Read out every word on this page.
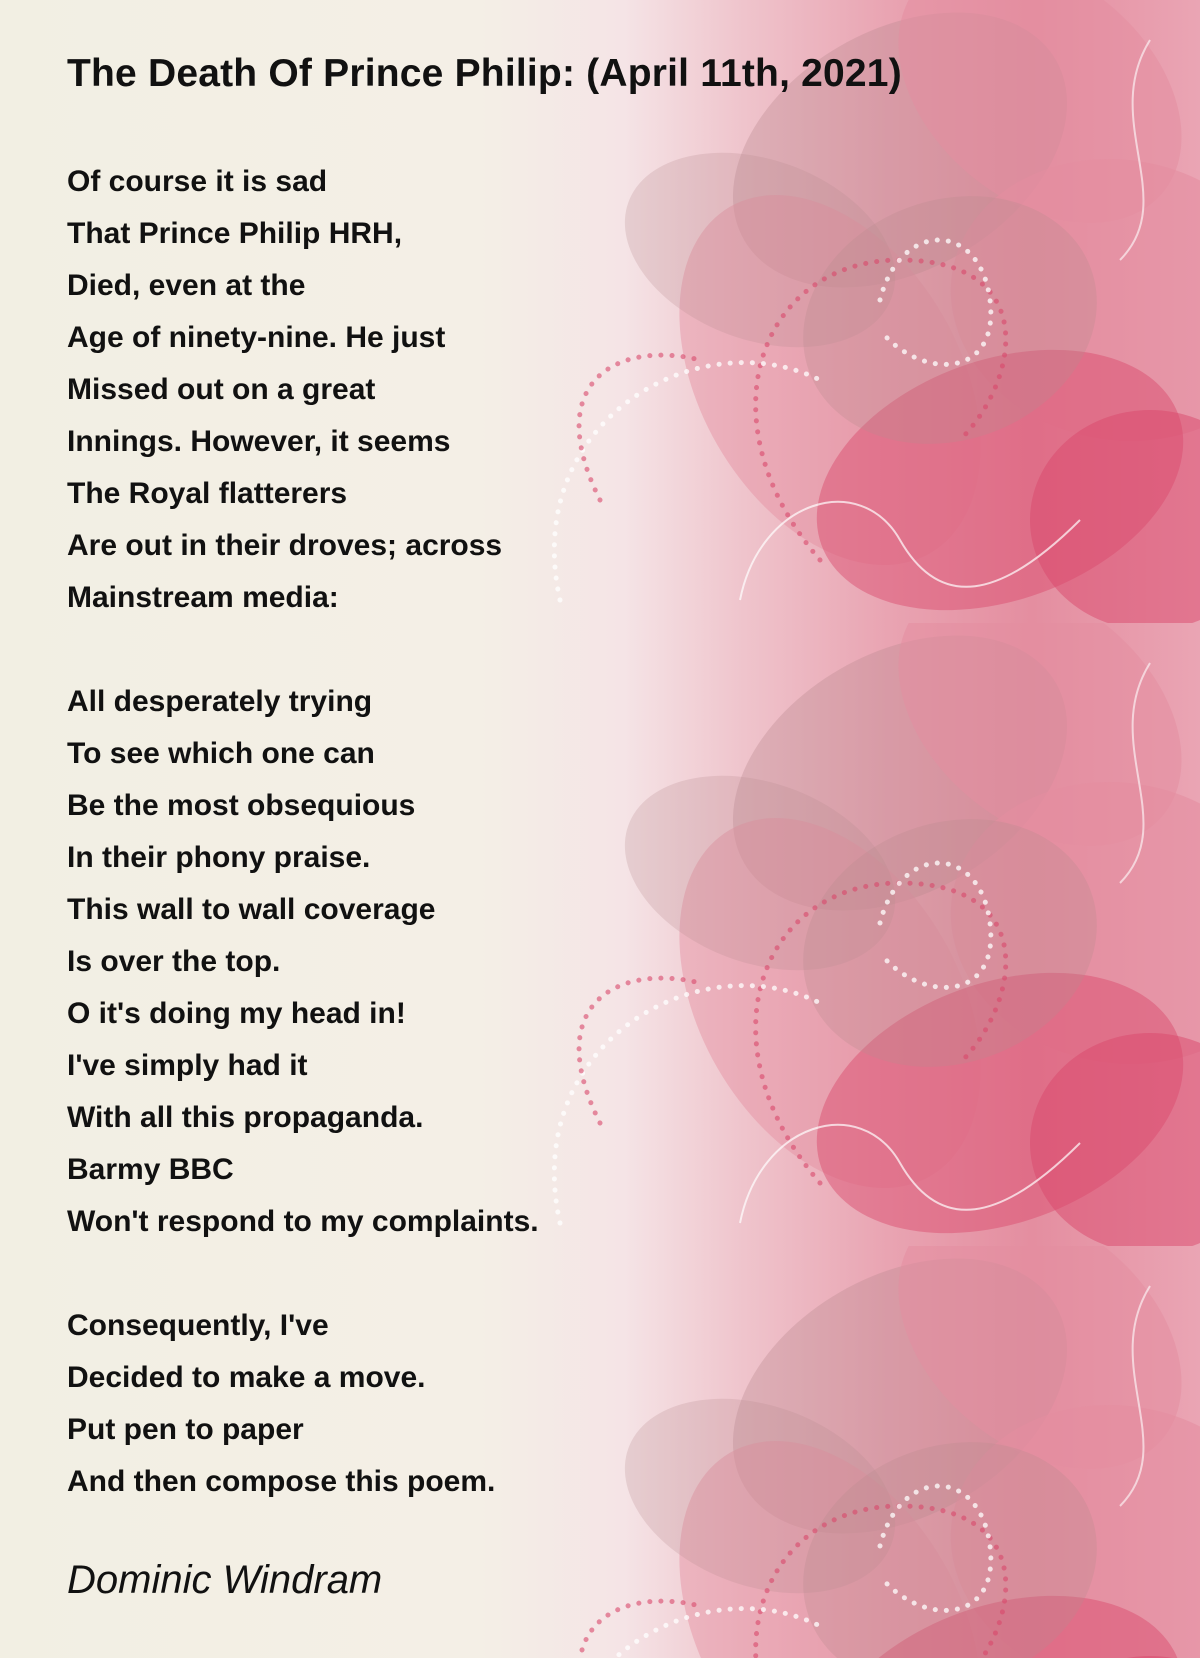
The Death Of Prince Philip: (April 11th, 2021)
Of course it is sad
That Prince Philip HRH,
Died, even at the
Age of ninety-nine. He just
Missed out on a great
Innings. However, it seems
The Royal flatterers
Are out in their droves; across
Mainstream media:
All desperately trying
To see which one can
Be the most obsequious
In their phony praise.
This wall to wall coverage
Is over the top.
O it's doing my head in!
I've simply had it
With all this propaganda.
Barmy BBC
Won't respond to my complaints.
Consequently, I've
Decided to make a move.
Put pen to paper
And then compose this poem.
Dominic Windram
